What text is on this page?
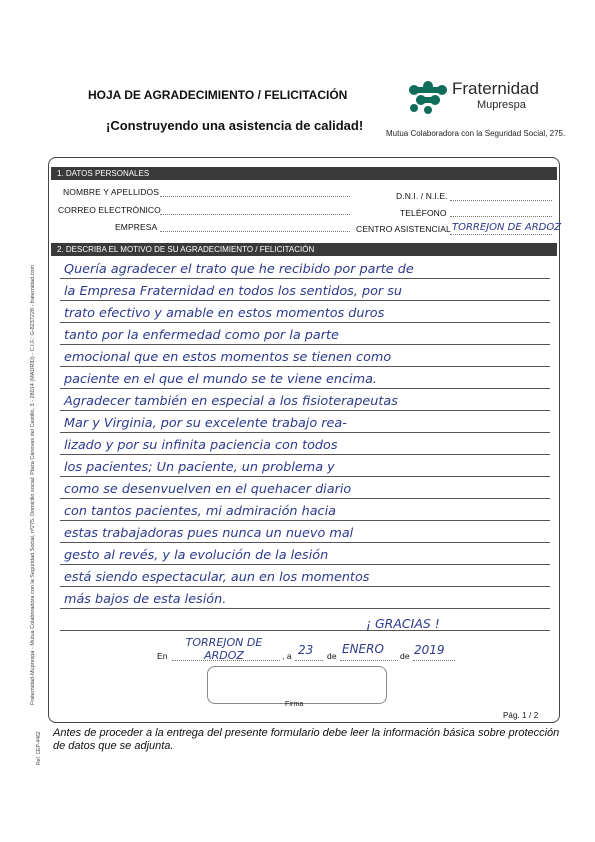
HOJA DE AGRADECIMIENTO / FELICITACIÓN
¡Construyendo una asistencia de calidad!
Fraternidad
Muprespa
Mutua Colaboradora con la Seguridad Social, 275.
1. DATOS PERSONALES
NOMBRE Y APELLIDOS	D.N.I. / N.I.E.
CORREO ELECTRÓNICO	TELÉFONO
EMPRESA	CENTRO ASISTENCIAL TORREJON DE ARDOZ
2. DESCRIBA EL MOTIVO DE SU AGRADECIMIENTO / FELICITACIÓN
Quería agradecer el trato que he recibido por parte de
la Empresa Fraternidad en todos los sentidos, por su
trato efectivo y amable en estos momentos duros
tanto por la enfermedad como por la parte
emocional que en estos momentos se tienen como
paciente en el que el mundo se te viene encima.
Agradecer también en especial a los fisioterapeutas
Mar y Virginia, por su excelente trabajo rea-
lizado y por su infinita paciencia con todos
los pacientes; Un paciente, un problema y
como se desenvuelven en el quehacer diario
con tantos pacientes, mi admiración hacia
estas trabajadoras pues nunca un nuevo mal
gesto al revés, y la evolución de la lesión
está siendo espectacular, aun en los momentos
más bajos de esta lesión.
¡ GRACIAS !
En
TORREJON DE ARDOZ	, a 23 de ENERO de 2019
Firma
Pág. 1 / 2
Antes de proceder a la entrega del presente formulario debe leer la información básica sobre protección de datos que se adjunta.
Fraternidad-Muprespa - Mutua Colaboradora con la Seguridad Social, nº275. Domicilio social: Plaza Cánovas del Castillo, 3 - 28014 (MADRID) - C.I.F.: G-8237228 - fraternidad.com
Ref. CEP-4462
